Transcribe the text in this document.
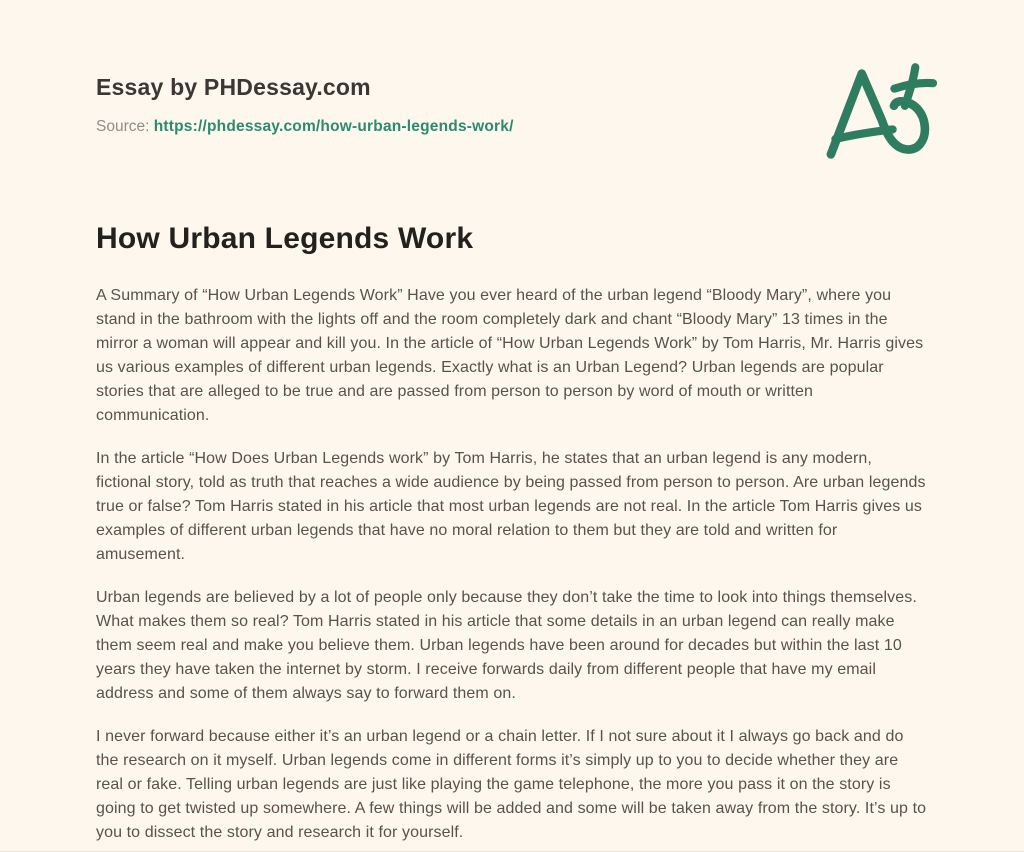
Essay by PHDessay.com
Source: https://phdessay.com/how-urban-legends-work/
How Urban Legends Work

A Summary of “How Urban Legends Work” Have you ever heard of the urban legend “Bloody Mary”, where you stand in the bathroom with the lights off and the room completely dark and chant “Bloody Mary” 13 times in the mirror a woman will appear and kill you. In the article of “How Urban Legends Work” by Tom Harris, Mr. Harris gives us various examples of different urban legends. Exactly what is an Urban Legend? Urban legends are popular stories that are alleged to be true and are passed from person to person by word of mouth or written communication.

In the article “How Does Urban Legends work” by Tom Harris, he states that an urban legend is any modern, fictional story, told as truth that reaches a wide audience by being passed from person to person. Are urban legends true or false? Tom Harris stated in his article that most urban legends are not real. In the article Tom Harris gives us examples of different urban legends that have no moral relation to them but they are told and written for amusement.

Urban legends are believed by a lot of people only because they don’t take the time to look into things themselves. What makes them so real? Tom Harris stated in his article that some details in an urban legend can really make them seem real and make you believe them. Urban legends have been around for decades but within the last 10 years they have taken the internet by storm. I receive forwards daily from different people that have my email address and some of them always say to forward them on.

I never forward because either it’s an urban legend or a chain letter. If I not sure about it I always go back and do the research on it myself. Urban legends come in different forms it’s simply up to you to decide whether they are real or fake. Telling urban legends are just like playing the game telephone, the more you pass it on the story is going to get twisted up somewhere. A few things will be added and some will be taken away from the story. It’s up to you to dissect the story and research it for yourself.
